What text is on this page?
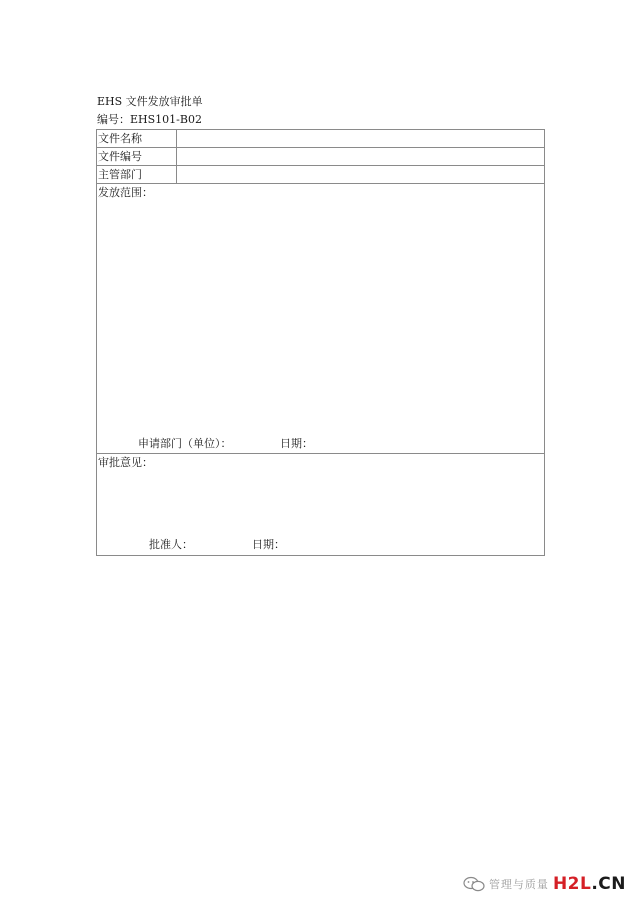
EHS 文件发放审批单
编号：EHS101-B02
文件名称
文件编号
主管部门
发放范围：
申请部门（单位）：	日期：
审批意见：
批准人：	日期：
管理与质量 H2L.CN
